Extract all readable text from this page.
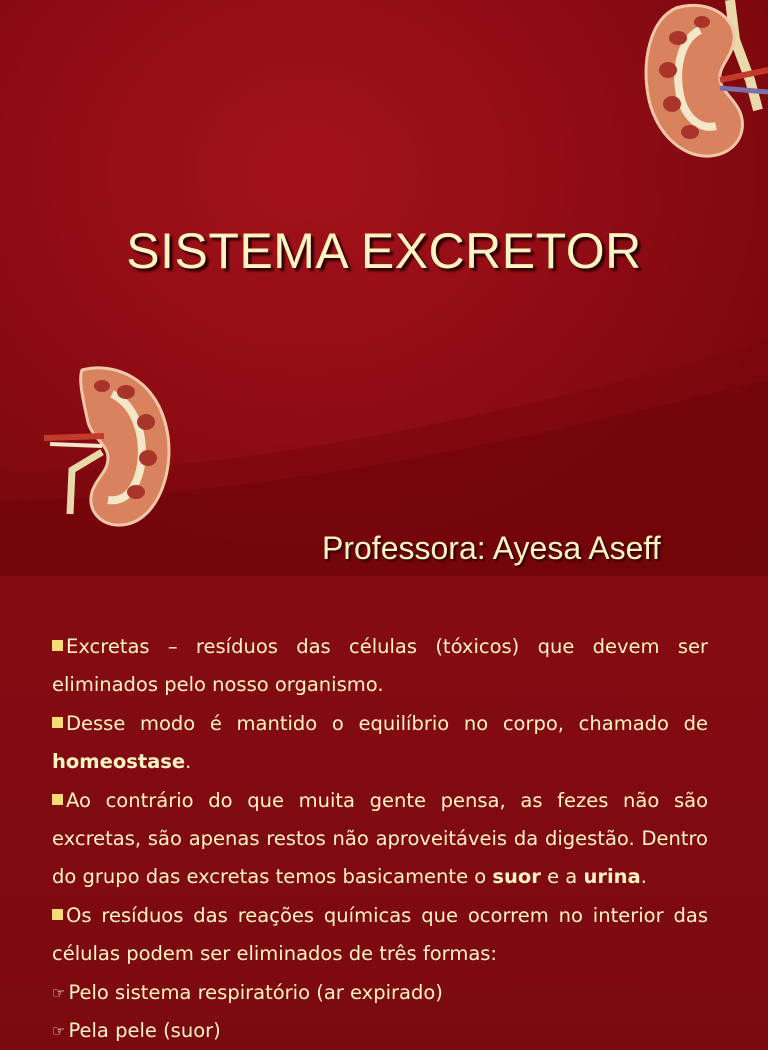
SISTEMA EXCRETOR
Professora: Ayesa Aseff

Excretas – resíduos das células (tóxicos) que devem ser eliminados pelo nosso organismo.

Desse modo é mantido o equilíbrio no corpo, chamado de homeostase.

Ao contrário do que muita gente pensa, as fezes não são excretas, são apenas restos não aproveitáveis da digestão. Dentro do grupo das excretas temos basicamente o suor e a urina.

Os resíduos das reações químicas que ocorrem no interior das células podem ser eliminados de três formas:

☞ Pelo sistema respiratório (ar expirado)

☞ Pela pele (suor)
